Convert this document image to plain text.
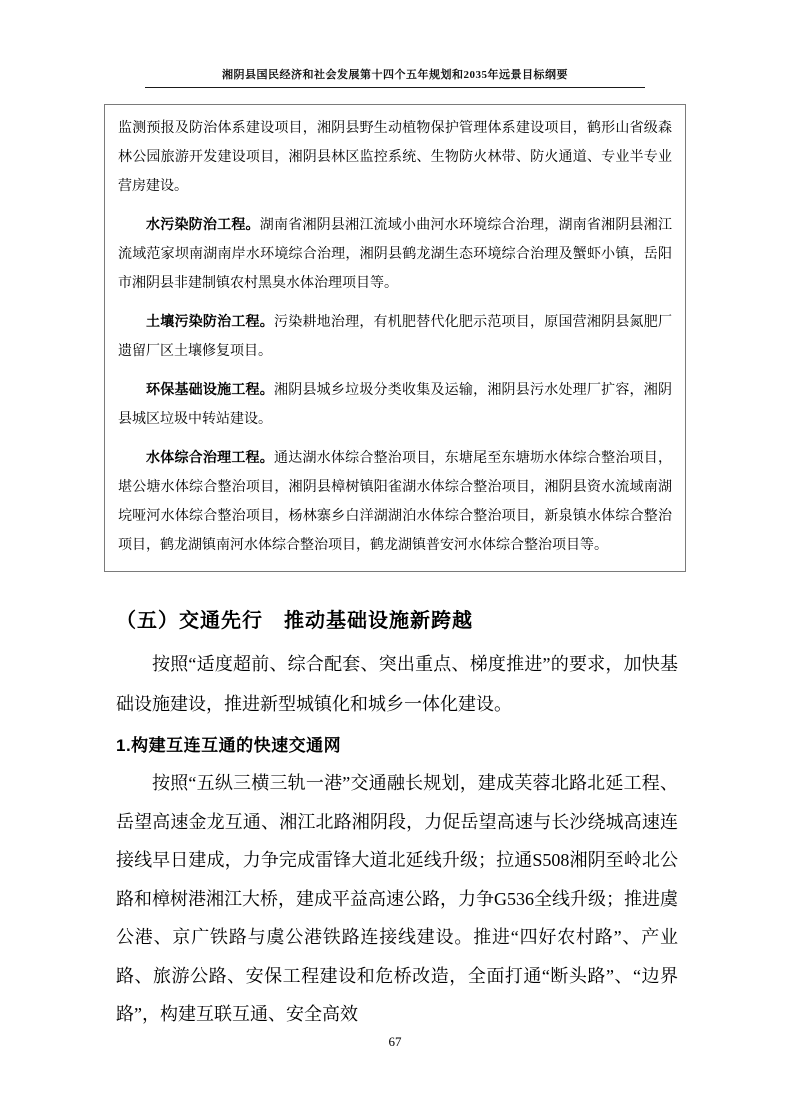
湘阴县国民经济和社会发展第十四个五年规划和2035年远景目标纲要

监测预报及防治体系建设项目，湘阴县野生动植物保护管理体系建设项目，鹤形山省级森林公园旅游开发建设项目，湘阴县林区监控系统、生物防火林带、防火通道、专业半专业营房建设。

水污染防治工程。湖南省湘阴县湘江流域小曲河水环境综合治理，湖南省湘阴县湘江流域范家坝南湖南岸水环境综合治理，湘阴县鹤龙湖生态环境综合治理及蟹虾小镇，岳阳市湘阴县非建制镇农村黑臭水体治理项目等。

土壤污染防治工程。污染耕地治理，有机肥替代化肥示范项目，原国营湘阴县氮肥厂遗留厂区土壤修复项目。

环保基础设施工程。湘阴县城乡垃圾分类收集及运输，湘阴县污水处理厂扩容，湘阴县城区垃圾中转站建设。

水体综合治理工程。通达湖水体综合整治项目，东塘尾至东塘坜水体综合整治项目，堪公塘水体综合整治项目，湘阴县樟树镇阳雀湖水体综合整治项目，湘阴县资水流域南湖垸哑河水体综合整治项目，杨林寨乡白洋湖湖泊水体综合整治项目，新泉镇水体综合整治项目，鹤龙湖镇南河水体综合整治项目，鹤龙湖镇普安河水体综合整治项目等。

（五）交通先行　推动基础设施新跨越
按照“适度超前、综合配套、突出重点、梯度推进”的要求，加快基础设施建设，推进新型城镇化和城乡一体化建设。
1.构建互连互通的快速交通网
按照“五纵三横三轨一港”交通融长规划，建成芙蓉北路北延工程、岳望高速金龙互通、湘江北路湘阴段，力促岳望高速与长沙绕城高速连接线早日建成，力争完成雷锋大道北延线升级；拉通S508湘阴至岭北公路和樟树港湘江大桥，建成平益高速公路，力争G536全线升级；推进虞公港、京广铁路与虞公港铁路连接线建设。推进“四好农村路”、产业路、旅游公路、安保工程建设和危桥改造，全面打通“断头路”、“边界路”，构建互联互通、安全高效
67
